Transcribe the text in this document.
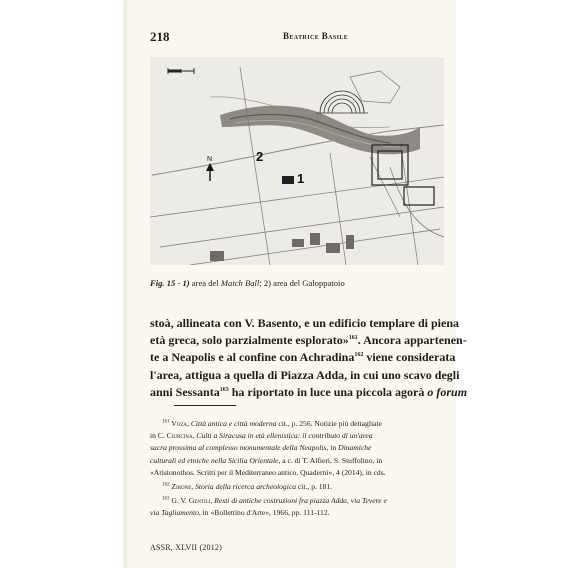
218	Beatrice Basile
N	2
1
Fig. 15 - 1) area del Match Ball; 2) area del Galoppatoio
stoà, allineata con V. Basento, e un edificio templare di piena
età greca, solo parzialmente esplorato»$^{161}$. Ancora appartenen-
te a Neapolis e al confine con Achradina$^{162}$ viene considerata
l'area, attigua a quella di Piazza Adda, in cui uno scavo degli
anni Sessanta$^{163}$ ha riportato in luce una piccola agorà o forum
$^{161}$ Voza, Città antica e città moderna cit., p. 256. Notizie più dettagliate
in C. Ciurcina, Culti a Siracusa in età ellenistica: il contributo di un'area
sacra prossima al complesso monumentale della Neapolis, in Dinamiche
culturali ed etniche nella Sicilia Orientale, a c. di T. Alfieri, S. Stuffolino, in
«Aristonothos. Scritti per il Mediterraneo antico. Quaderni», 4 (2014), in cds.
$^{162}$ Zirone, Storia della ricerca archeologica cit., p. 181.
$^{163}$ G. V. Gentili, Resti di antiche costruzioni fra piazza Adda, via Tevere e
via Tagliamento, in «Bollettino d'Arte», 1966, pp. 111-112.
ASSR, XLVII (2012)
